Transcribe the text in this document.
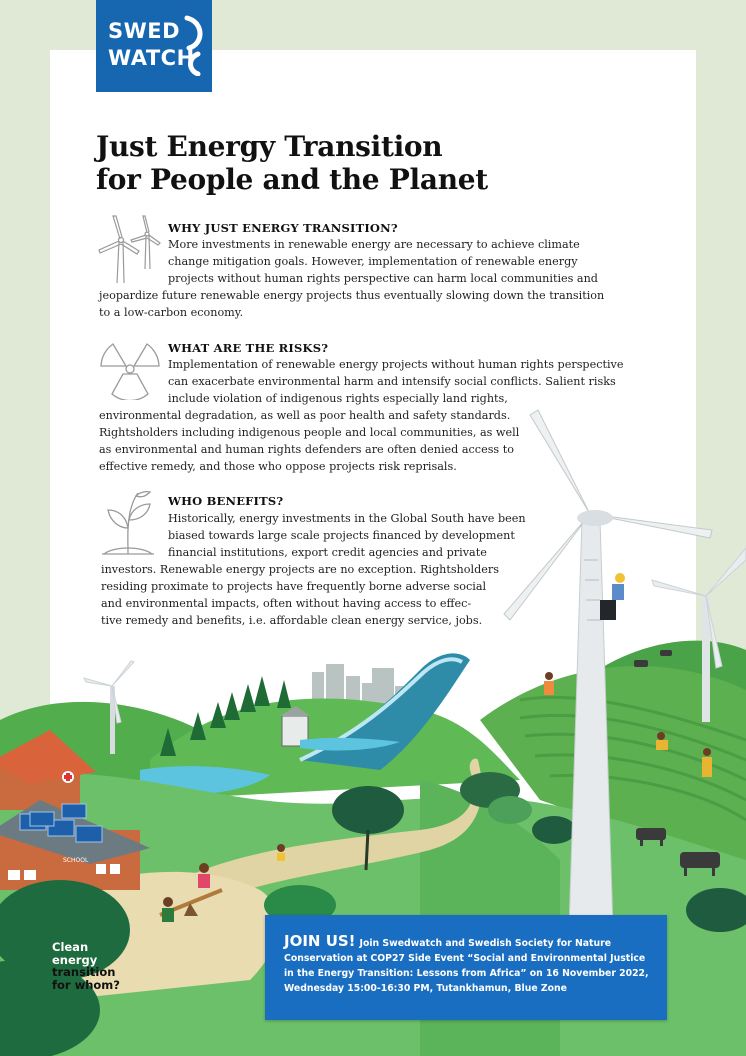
SWED
WATCH
Just Energy Transition
for People and the Planet
WHY JUST ENERGY TRANSITION?

More investments in renewable energy are necessary to achieve climate
change mitigation goals. However, implementation of renewable energy
projects without human rights perspective can harm local communities and
jeopardize future renewable energy projects thus eventually slowing down the transition
to a low-carbon economy.

WHAT ARE THE RISKS?

Implementation of renewable energy projects without human rights perspective
can exacerbate environmental harm and intensify social conflicts. Salient risks
include violation of indigenous rights especially land rights,
environmental degradation, as well as poor health and safety standards.
Rightsholders including indigenous people and local communities, as well
as environmental and human rights defenders are often denied access to
effective remedy, and those who oppose projects risk reprisals.

WHO BENEFITS?

Historically, energy investments in the Global South have been
biased towards large scale projects financed by development
financial institutions, export credit agencies and private
investors. Renewable energy projects are no exception. Rightsholders
residing proximate to projects have frequently borne adverse social
and environmental impacts, often without having access to effec-
tive remedy and benefits, i.e. affordable clean energy service, jobs.

SCHOOL

Clean
energy
transition
for whom?

JOIN US! Join Swedwatch and Swedish Society for Nature
Conservation at COP27 Side Event “Social and Environmental Justice
in the Energy Transition: Lessons from Africa” on 16 November 2022,
Wednesday 15:00-16:30 PM, Tutankhamun, Blue Zone
